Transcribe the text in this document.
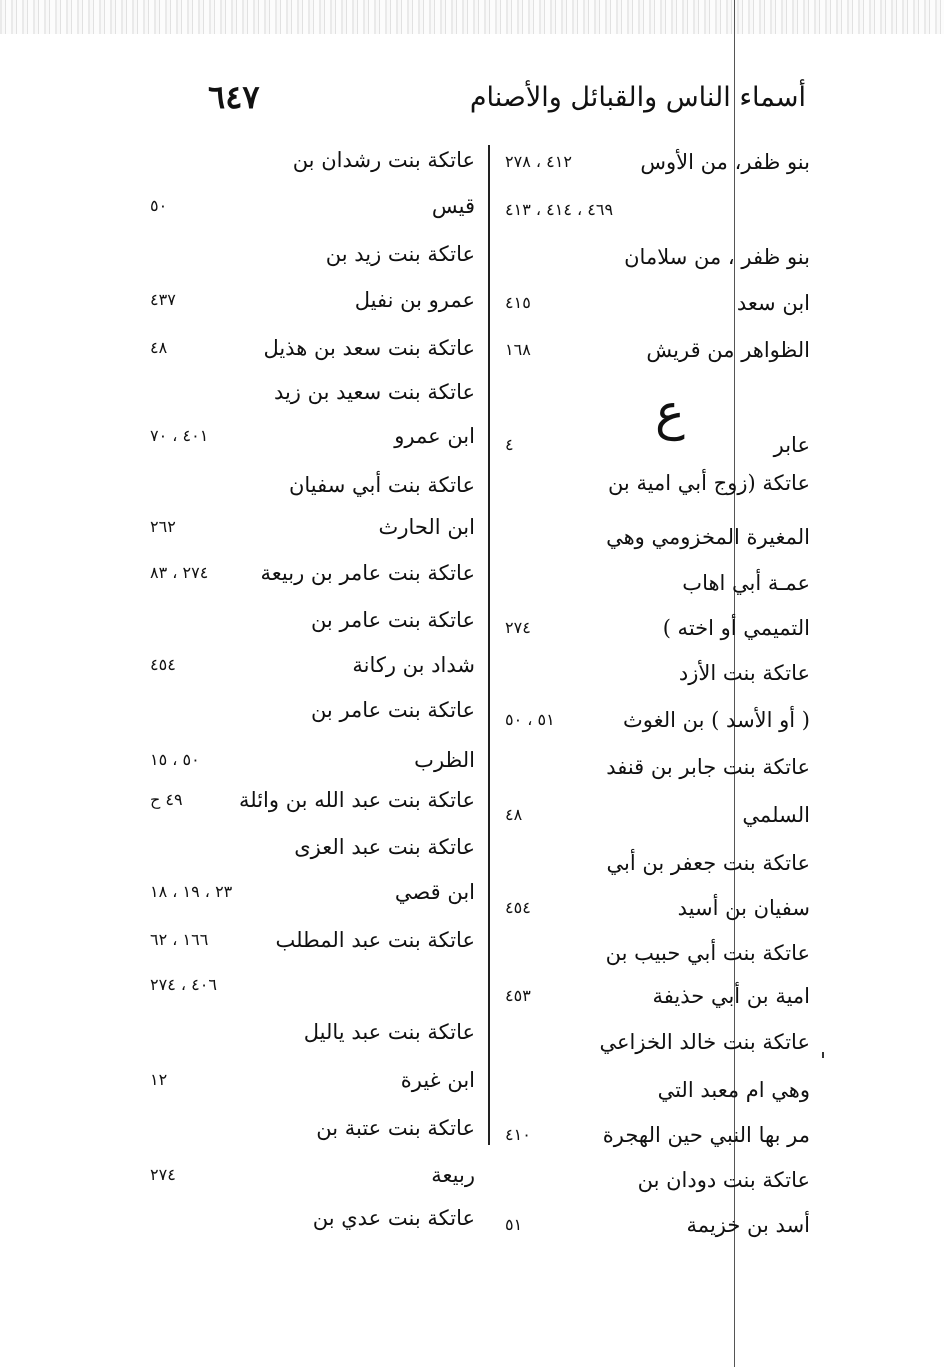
أسماء الناس والقبائل والأصنام
٦٤٧
ع
بنو ظفر، من الأوس
٤١٢ ، ٢٧٨
٤٦٩ ، ٤١٤ ، ٤١٣
بنو ظفر ، من سلامان
ابن سعد
٤١٥
الظواهر من قريش
١٦٨
عابر
٤
عاتكة (زوج أبي امية بن
المغيرة المخزومي وهي
عمـة أبي اهاب
التميمي أو اخته )
٢٧٤
عاتكة بنت الأزد
( أو الأسد ) بن الغوث
٥١ ، ٥٠
عاتكة بنت جابر بن قنفد
السلمي
٤٨
عاتكة بنت جعفر بن أبي
سفيان بن أسيد
٤٥٤
عاتكة بنت أبي حبيب بن
امية بن أبي حذيفة
٤٥٣
عاتكة بنت خالد الخزاعي
وهي ام معبد التي
مر بها النبي حين الهجرة
٤١٠
عاتكة بنت دودان بن
أسد بن خزيمة
٥١
عاتكة بنت رشدان بن
قيس
٥٠
عاتكة بنت زيد بن
عمرو بن نفيل
٤٣٧
عاتكة بنت سعد بن هذيل
٤٨
عاتكة بنت سعيد بن زيد
ابن عمرو
٤٠١ ، ٧٠
عاتكة بنت أبي سفيان
ابن الحارث
٢٦٢
عاتكة بنت عامر بن ربيعة
٢٧٤ ، ٨٣
عاتكة بنت عامر بن
شداد بن ركانة
٤٥٤
عاتكة بنت عامر بن
الظرب
٥٠ ، ١٥
عاتكة بنت عبد الله بن وائلة
٤٩ ح
عاتكة بنت عبد العزى
ابن قصي
٢٣ ، ١٩ ، ١٨
عاتكة بنت عبد المطلب
١٦٦ ، ٦٢
٤٠٦ ، ٢٧٤
عاتكة بنت عبد ياليل
ابن غيرة
١٢
عاتكة بنت عتبة بن
ربيعة
٢٧٤
عاتكة بنت عدي بن
